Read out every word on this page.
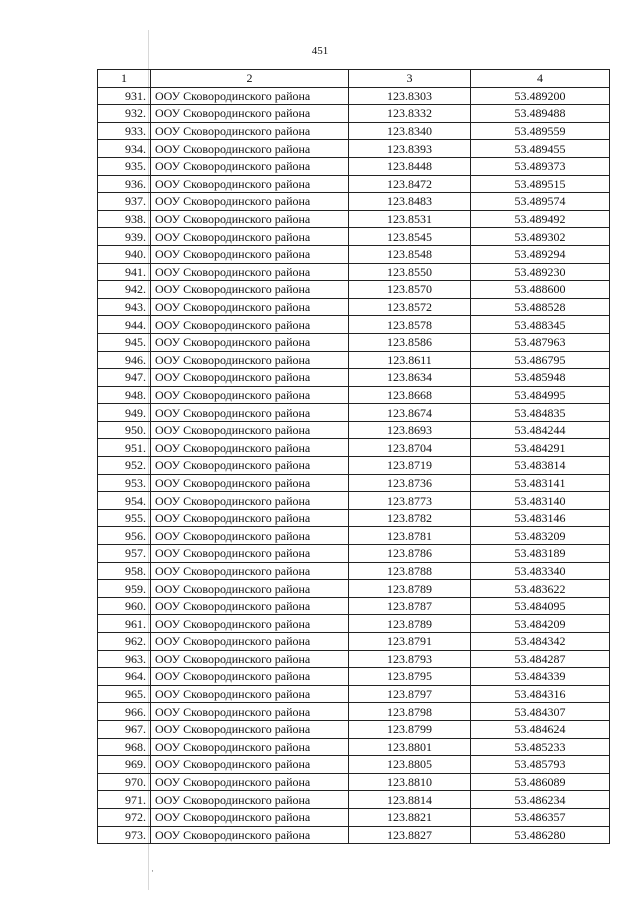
451
1	2	3	4
931.	ООУ Сковородинского района	123.8303	53.489200
932.	ООУ Сковородинского района	123.8332	53.489488
933.	ООУ Сковородинского района	123.8340	53.489559
934.	ООУ Сковородинского района	123.8393	53.489455
935.	ООУ Сковородинского района	123.8448	53.489373
936.	ООУ Сковородинского района	123.8472	53.489515
937.	ООУ Сковородинского района	123.8483	53.489574
938.	ООУ Сковородинского района	123.8531	53.489492
939.	ООУ Сковородинского района	123.8545	53.489302
940.	ООУ Сковородинского района	123.8548	53.489294
941.	ООУ Сковородинского района	123.8550	53.489230
942.	ООУ Сковородинского района	123.8570	53.488600
943.	ООУ Сковородинского района	123.8572	53.488528
944.	ООУ Сковородинского района	123.8578	53.488345
945.	ООУ Сковородинского района	123.8586	53.487963
946.	ООУ Сковородинского района	123.8611	53.486795
947.	ООУ Сковородинского района	123.8634	53.485948
948.	ООУ Сковородинского района	123.8668	53.484995
949.	ООУ Сковородинского района	123.8674	53.484835
950.	ООУ Сковородинского района	123.8693	53.484244
951.	ООУ Сковородинского района	123.8704	53.484291
952.	ООУ Сковородинского района	123.8719	53.483814
953.	ООУ Сковородинского района	123.8736	53.483141
954.	ООУ Сковородинского района	123.8773	53.483140
955.	ООУ Сковородинского района	123.8782	53.483146
956.	ООУ Сковородинского района	123.8781	53.483209
957.	ООУ Сковородинского района	123.8786	53.483189
958.	ООУ Сковородинского района	123.8788	53.483340
959.	ООУ Сковородинского района	123.8789	53.483622
960.	ООУ Сковородинского района	123.8787	53.484095
961.	ООУ Сковородинского района	123.8789	53.484209
962.	ООУ Сковородинского района	123.8791	53.484342
963.	ООУ Сковородинского района	123.8793	53.484287
964.	ООУ Сковородинского района	123.8795	53.484339
965.	ООУ Сковородинского района	123.8797	53.484316
966.	ООУ Сковородинского района	123.8798	53.484307
967.	ООУ Сковородинского района	123.8799	53.484624
968.	ООУ Сковородинского района	123.8801	53.485233
969.	ООУ Сковородинского района	123.8805	53.485793
970.	ООУ Сковородинского района	123.8810	53.486089
971.	ООУ Сковородинского района	123.8814	53.486234
972.	ООУ Сковородинского района	123.8821	53.486357
973.	ООУ Сковородинского района	123.8827	53.486280
·
